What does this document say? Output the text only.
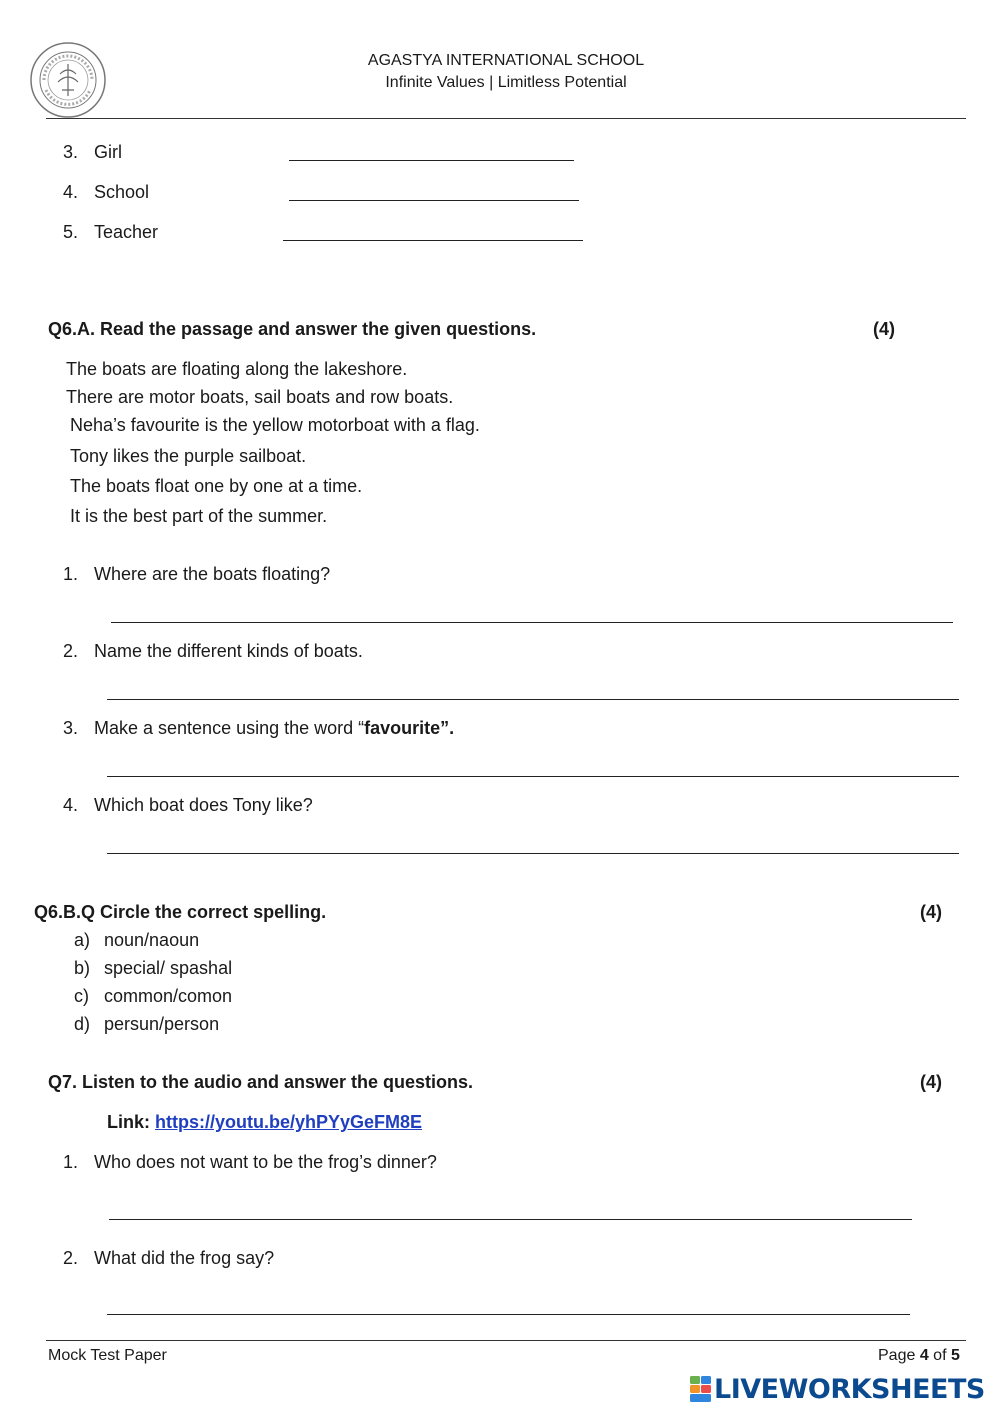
AGASTYA INTERNATIONAL SCHOOL
Infinite Values | Limitless Potential
3. Girl
4. School
5. Teacher
Q6.A. Read the passage and answer the given questions.	(4)
The boats are floating along the lakeshore.
There are motor boats, sail boats and row boats.
Neha’s favourite is the yellow motorboat with a flag.
Tony likes the purple sailboat.
The boats float one by one at a time.
It is the best part of the summer.
1. Where are the boats floating?
2. Name the different kinds of boats.
3. Make a sentence using the word “favourite”.
4. Which boat does Tony like?
Q6.B.Q Circle the correct spelling.	(4)
a) noun/naoun
b) special/ spashal
c) common/comon
d) persun/person
Q7. Listen to the audio and answer the questions.	(4)
Link: https://youtu.be/yhPYyGeFM8E
1. Who does not want to be the frog’s dinner?
2. What did the frog say?
Mock Test Paper	Page 4 of 5
LIVEWORKSHEETS
